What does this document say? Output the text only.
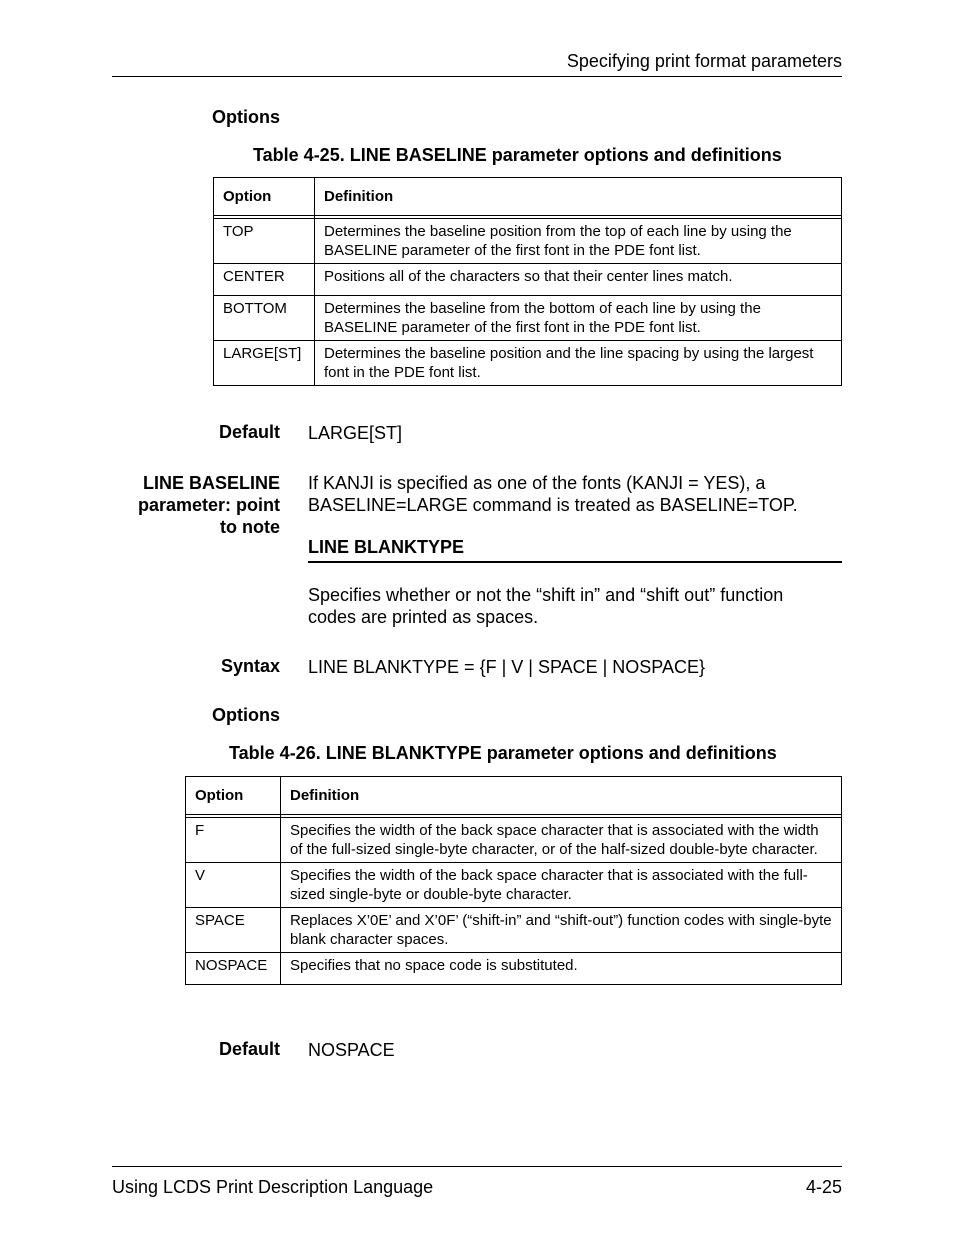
Specifying print format parameters
Options
Table 4-25. LINE BASELINE parameter options and definitions
Option	Definition

TOP	Determines the baseline position from the top of each line by using the BASELINE parameter of the first font in the PDE font list.
CENTER	Positions all of the characters so that their center lines match.
BOTTOM	Determines the baseline from the bottom of each line by using the BASELINE parameter of the first font in the PDE font list.
LARGE[ST]	Determines the baseline position and the line spacing by using the largest font in the PDE font list.
Default LARGE[ST]
LINE BASELINE
parameter: point
to note
If KANJI is specified as one of the fonts (KANJI = YES), a
BASELINE=LARGE command is treated as BASELINE=TOP.
LINE BLANKTYPE
Specifies whether or not the “shift in” and “shift out” function
codes are printed as spaces.
Syntax LINE BLANKTYPE = {F | V | SPACE | NOSPACE}
Options
Table 4-26. LINE BLANKTYPE parameter options and definitions
Option	Definition

F	Specifies the width of the back space character that is associated with the width of the full-sized single-byte character, or of the half-sized double-byte character.
V	Specifies the width of the back space character that is associated with the full-sized single-byte or double-byte character.
SPACE	Replaces X’0E’ and X’0F’ (“shift-in” and “shift-out”) function codes with single-byte blank character spaces.
NOSPACE	Specifies that no space code is substituted.
Default NOSPACE
Using LCDS Print Description Language	4-25
